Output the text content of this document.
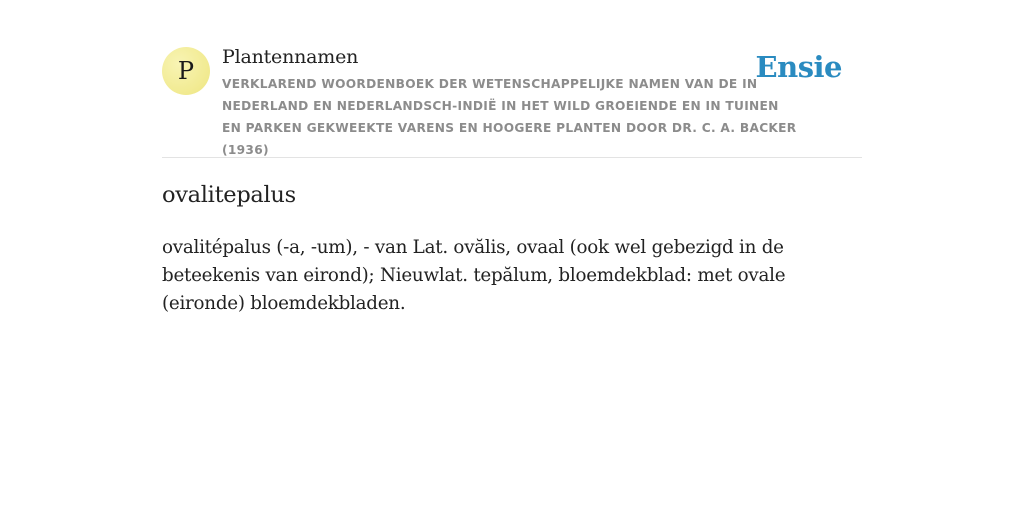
P	Plantennamen
VERKLAREND WOORDENBOEK DER WETENSCHAPPELIJKE NAMEN VAN DE IN NEDERLAND EN NEDERLANDSCH-INDIË IN HET WILD GROEIENDE EN IN TUINEN EN PARKEN GEKWEEKTE VARENS EN HOOGERE PLANTEN DOOR DR. C. A. BACKER (1936)
Ensie
ovalitepalus

ovalitépalus (-a, -um), - van Lat. ovălis, ovaal (ook wel gebezigd in de beteekenis van eirond); Nieuwlat. tepălum, bloemdekblad: met ovale (eironde) bloemdekbladen.
